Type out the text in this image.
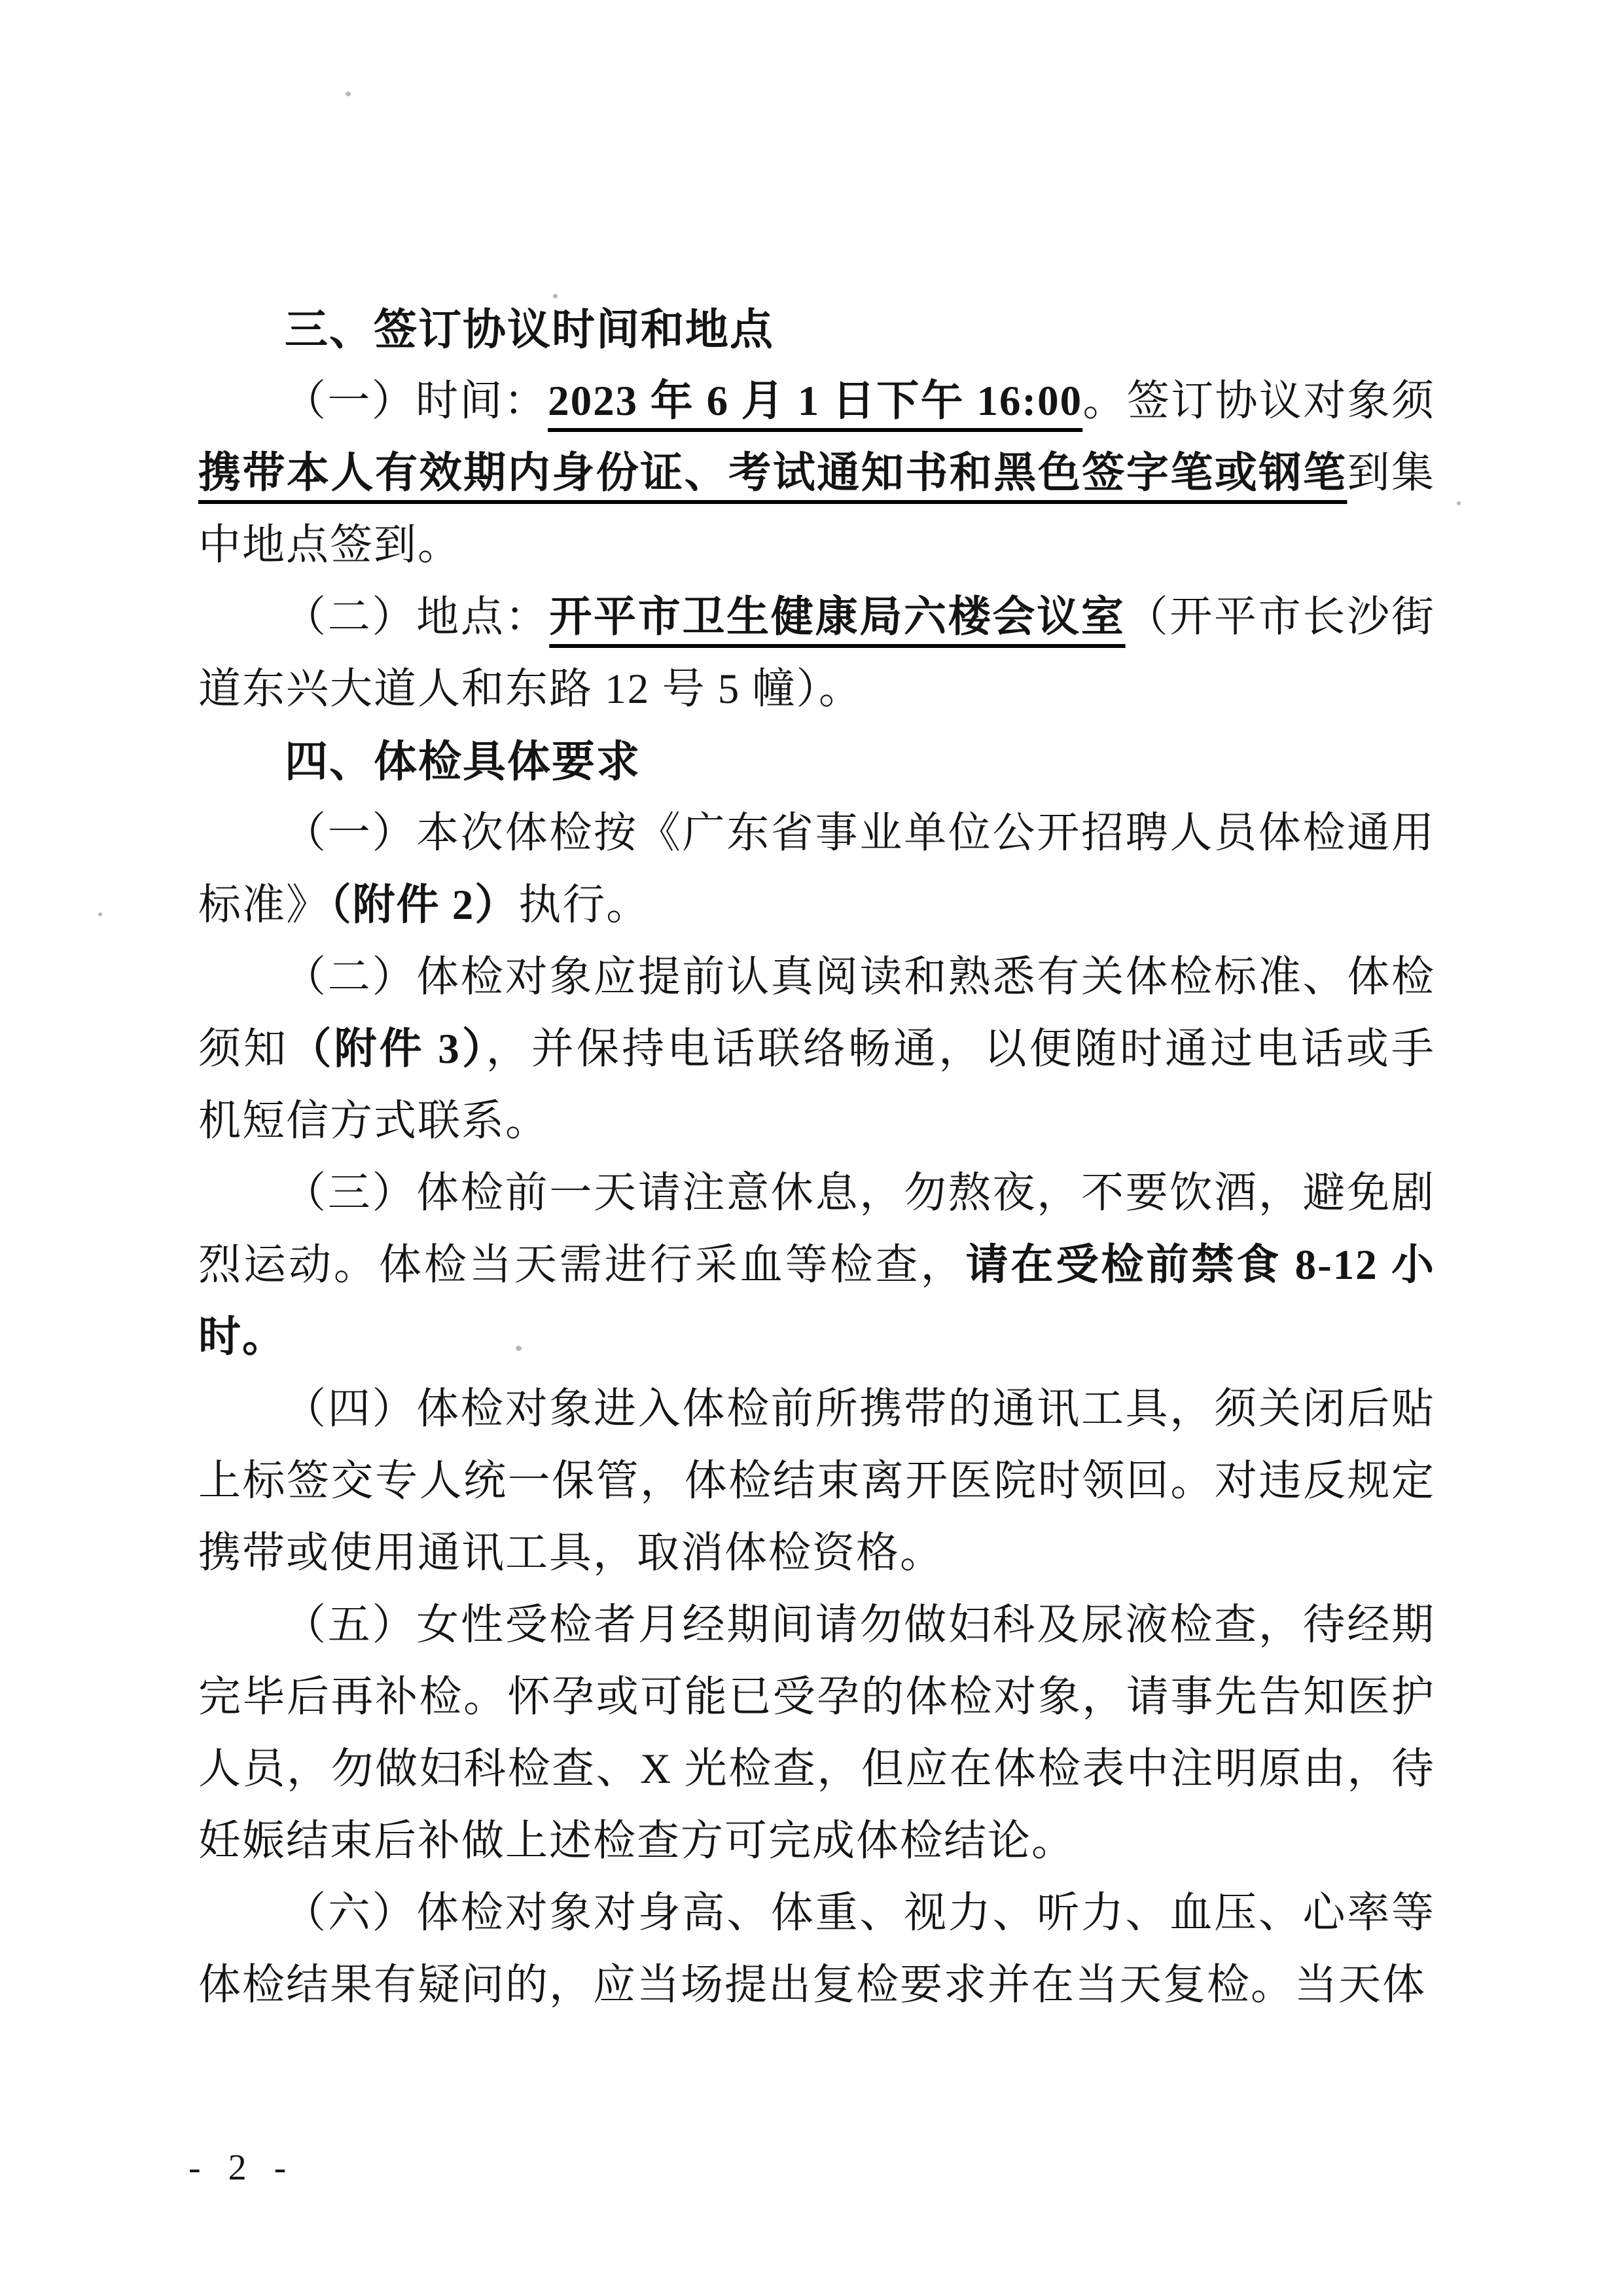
三、签订协议时间和地点

（一）时间：2023 年 6 月 1 日下午 16:00。签订协议对象须携带本人有效期内身份证、考试通知书和黑色签字笔或钢笔到集中地点签到。

（二）地点：开平市卫生健康局六楼会议室（开平市长沙街道东兴大道人和东路 12 号 5 幢）。

四、体检具体要求

（一）本次体检按《广东省事业单位公开招聘人员体检通用标准》（附件 2）执行。

（二）体检对象应提前认真阅读和熟悉有关体检标准、体检须知（附件 3），并保持电话联络畅通，以便随时通过电话或手机短信方式联系。

（三）体检前一天请注意休息，勿熬夜，不要饮酒，避免剧烈运动。体检当天需进行采血等检查，请在受检前禁食 8-12 小时。

（四）体检对象进入体检前所携带的通讯工具，须关闭后贴上标签交专人统一保管，体检结束离开医院时领回。对违反规定携带或使用通讯工具，取消体检资格。

（五）女性受检者月经期间请勿做妇科及尿液检查，待经期完毕后再补检。怀孕或可能已受孕的体检对象，请事先告知医护人员，勿做妇科检查、X 光检查，但应在体检表中注明原由，待妊娠结束后补做上述检查方可完成体检结论。

（六）体检对象对身高、体重、视力、听力、血压、心率等体检结果有疑问的，应当场提出复检要求并在当天复检。当天体

- 2 -
